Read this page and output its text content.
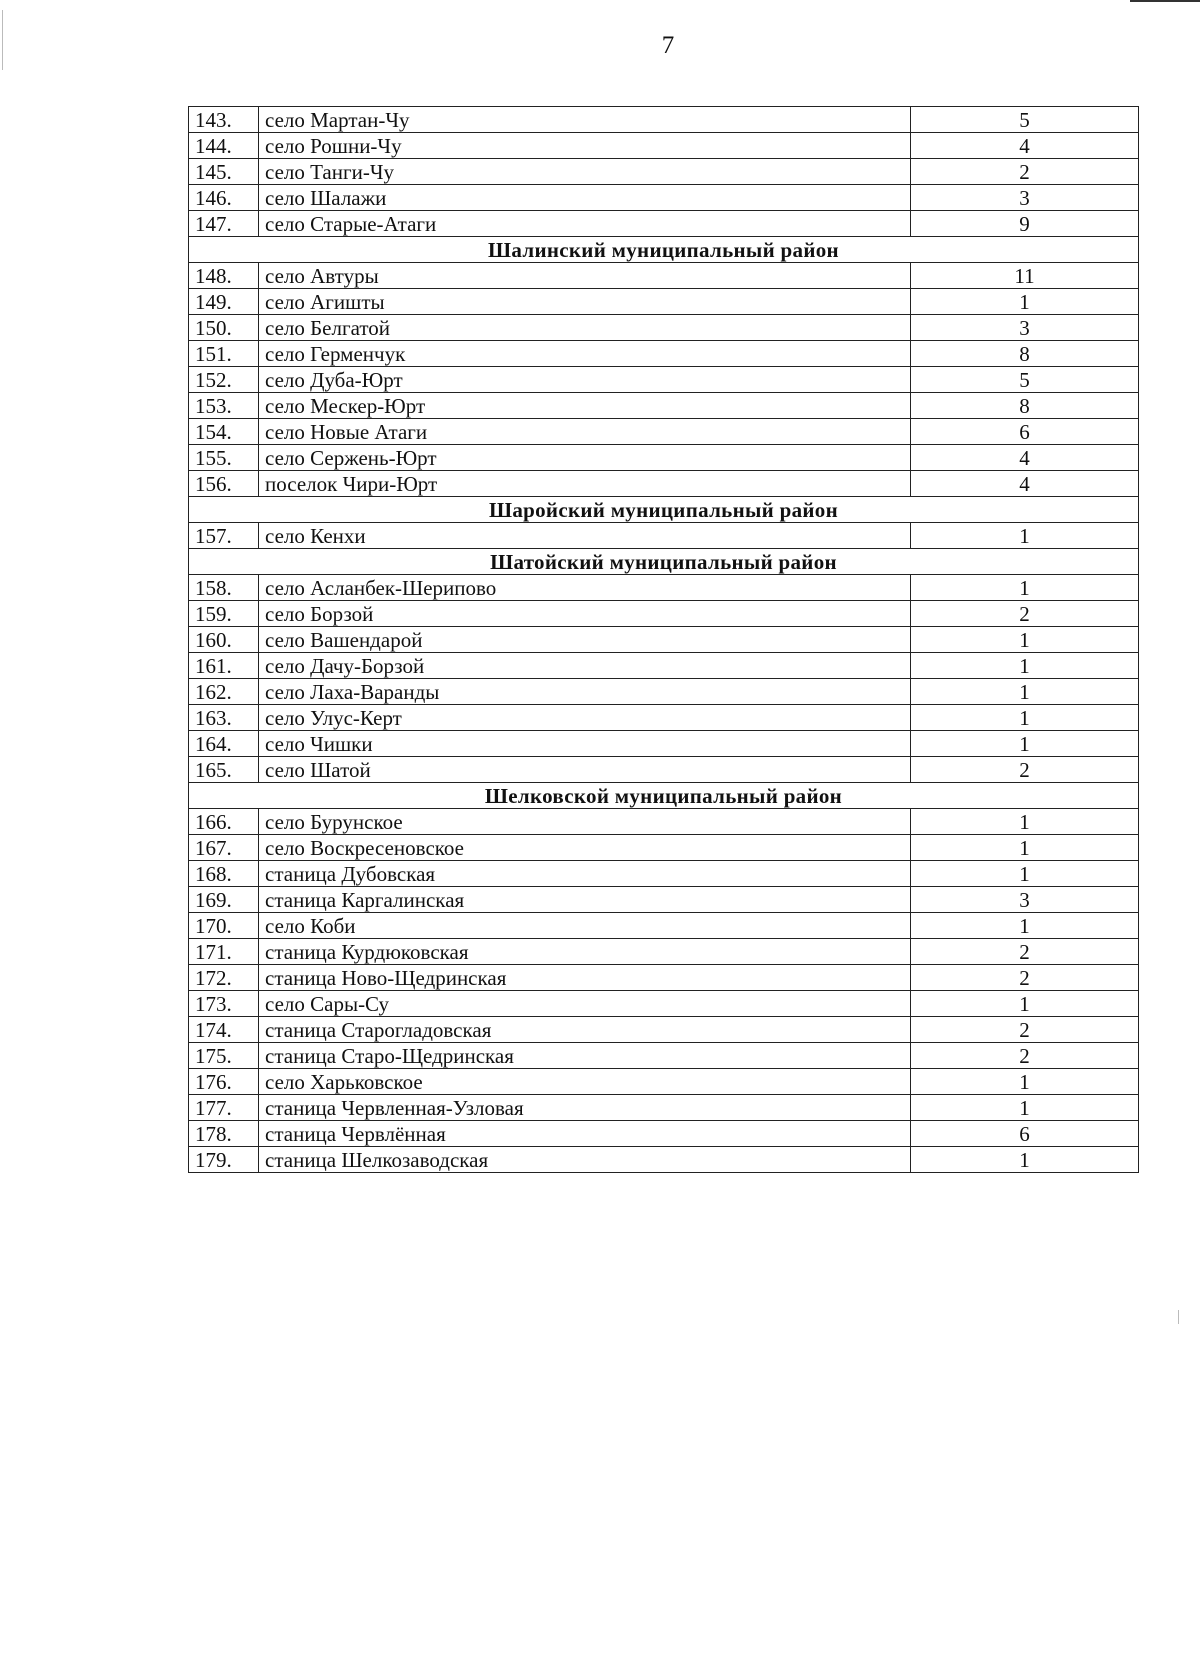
7
143.	село Мартан-Чу	5
144.	село Рошни-Чу	4
145.	село Танги-Чу	2
146.	село Шалажи	3
147.	село Старые-Атаги	9
Шалинский муниципальный район		
148.	село Автуры	11
149.	село Агишты	1
150.	село Белгатой	3
151.	село Герменчук	8
152.	село Дуба-Юрт	5
153.	село Мескер-Юрт	8
154.	село Новые Атаги	6
155.	село Сержень-Юрт	4
156.	поселок Чири-Юрт	4
Шаройский муниципальный район		
157.	село Кенхи	1
Шатойский муниципальный район		
158.	село Асланбек-Шерипово	1
159.	село Борзой	2
160.	село Вашендарой	1
161.	село Дачу-Борзой	1
162.	село Лаха-Варанды	1
163.	село Улус-Керт	1
164.	село Чишки	1
165.	село Шатой	2
Шелковской муниципальный район		
166.	село Бурунское	1
167.	село Воскресеновское	1
168.	станица Дубовская	1
169.	станица Каргалинская	3
170.	село Коби	1
171.	станица Курдюковская	2
172.	станица Ново-Щедринская	2
173.	село Сары-Су	1
174.	станица Старогладовская	2
175.	станица Старо-Щедринская	2
176.	село Харьковское	1
177.	станица Червленная-Узловая	1
178.	станица Червлённая	6
179.	станица Шелкозаводская	1
